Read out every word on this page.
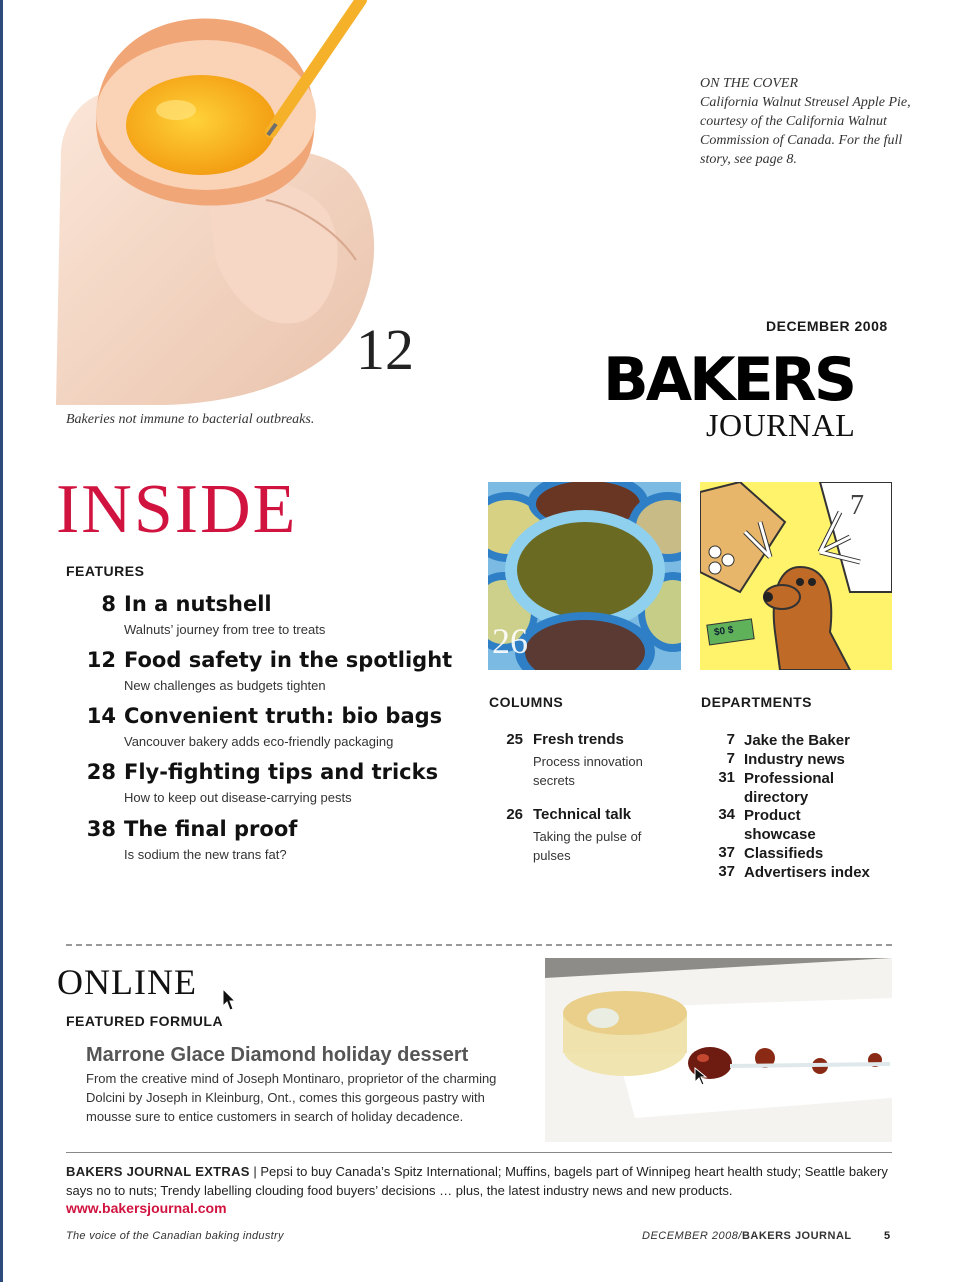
ON THE COVER
California Walnut Streusel Apple Pie, courtesy of the California Walnut Commission of Canada. For the full story, see page 8.
12
Bakeries not immune to bacterial outbreaks.
DECEMBER 2008
BAKERS
JOURNAL
INSIDE
FEATURES
8 In a nutshell
Walnuts’ journey from tree to treats
12 Food safety in the spotlight
New challenges as budgets tighten
14 Convenient truth: bio bags
Vancouver bakery adds eco-friendly packaging
28 Fly-fighting tips and tricks
How to keep out disease-carrying pests
38 The final proof
Is sodium the new trans fat?
26
7
$0 $
COLUMNS
25 Fresh trends
Process innovation secrets
26 Technical talk
Taking the pulse of pulses
DEPARTMENTS
7 Jake the Baker
7 Industry news
31 Professional directory
34 Product showcase
37 Classifieds
37 Advertisers index
ONLINE
FEATURED FORMULA
Marrone Glace Diamond holiday dessert
From the creative mind of Joseph Montinaro, proprietor of the charming Dolcini by Joseph in Kleinburg, Ont., comes this gorgeous pastry with mousse sure to entice customers in search of holiday decadence.
BAKERS JOURNAL EXTRAS | Pepsi to buy Canada’s Spitz International; Muffins, bagels part of Winnipeg heart health study; Seattle bakery says no to nuts; Trendy labelling clouding food buyers’ decisions … plus, the latest industry news and new products.
www.bakersjournal.com
The voice of the Canadian baking industry	DECEMBER 2008/BAKERS JOURNAL	5
